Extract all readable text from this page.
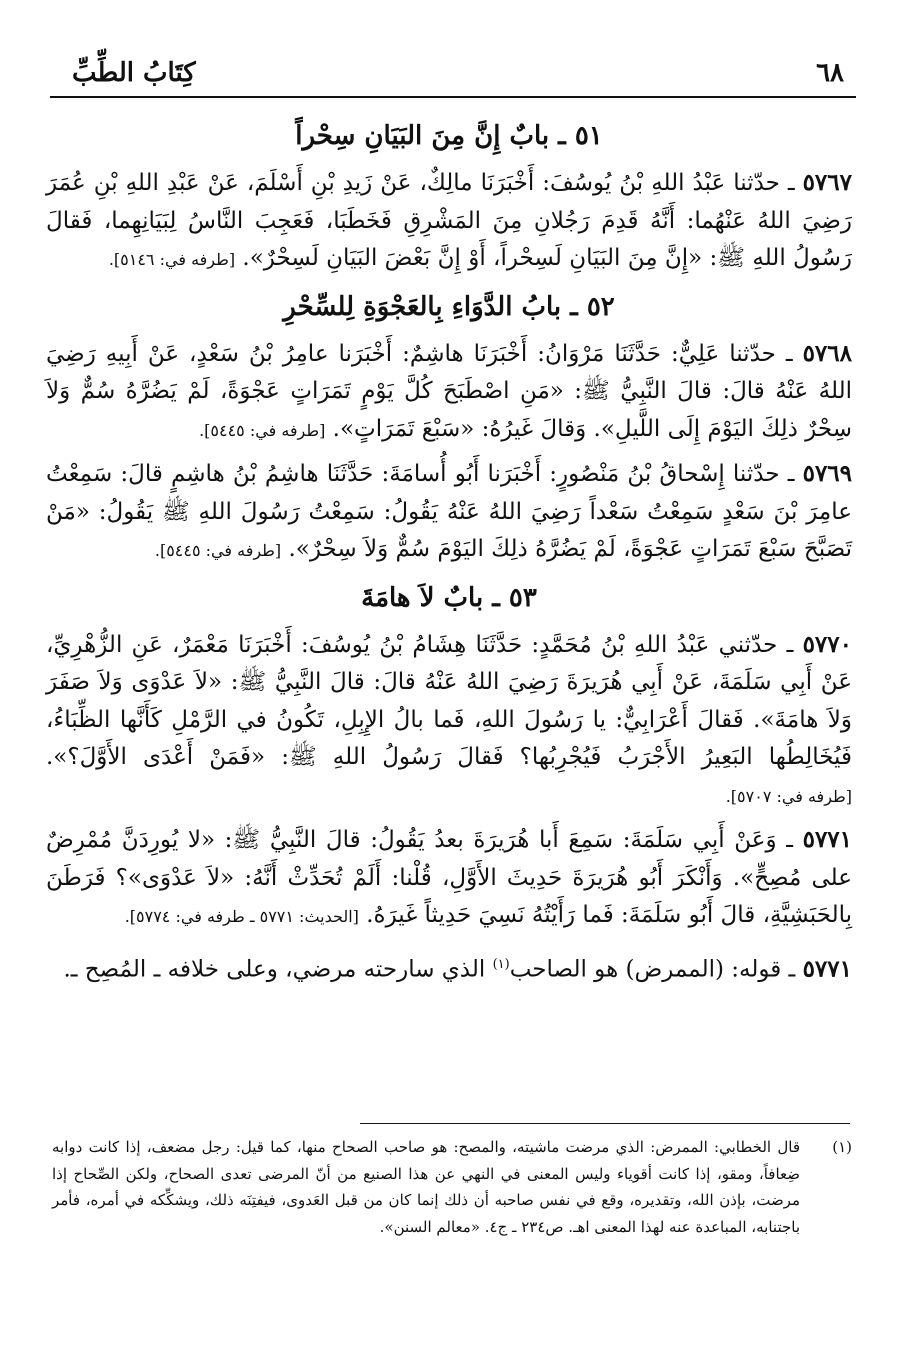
٦٨
كِتَابُ الطِّبِّ
٥١ ـ بابٌ إِنَّ مِنَ البَيَانِ سِحْراً

٥٧٦٧ ـ حدّثنا عَبْدُ اللهِ بْنُ يُوسُفَ: أَخْبَرَنَا مالِكٌ، عَنْ زَيدِ بْنِ أَسْلَمَ، عَنْ عَبْدِ اللهِ بْنِ عُمَرَ رَضِيَ اللهُ عَنْهُما: أَنَّهُ قَدِمَ رَجُلانِ مِنَ المَشْرِقِ فَخَطَبَا، فَعَجِبَ النَّاسُ لِبَيَانِهِما، فَقالَ رَسُولُ اللهِ ﷺ: «إِنَّ مِنَ البَيَانِ لَسِحْراً، أَوْ إِنَّ بَعْضَ البَيَانِ لَسِحْرٌ». [طرفه في: ٥١٤٦].

٥٢ ـ بابُ الدَّوَاءِ بِالعَجْوَةِ لِلسِّحْرِ

٥٧٦٨ ـ حدّثنا عَلِيٌّ: حَدَّثَنَا مَرْوَانُ: أَخْبَرَنَا هاشِمٌ: أَخْبَرَنا عامِرُ بْنُ سَعْدٍ، عَنْ أَبِيهِ رَضِيَ اللهُ عَنْهُ قالَ: قالَ النَّبِيُّ ﷺ: «مَنِ اصْطَبَحَ كُلَّ يَوْمٍ تَمَرَاتٍ عَجْوَةً، لَمْ يَضُرَّهُ سُمٌّ وَلاَ سِحْرٌ ذلِكَ اليَوْمَ إِلَى اللَّيلِ». وَقالَ غَيرُهُ: «سَبْعَ تَمَرَاتٍ». [طرفه في: ٥٤٤٥].

٥٧٦٩ ـ حدّثنا إِسْحاقُ بْنُ مَنْصُورٍ: أَخْبَرَنا أَبُو أُسامَةَ: حَدَّثَنَا هاشِمُ بْنُ هاشِمٍ قالَ: سَمِعْتُ عامِرَ بْنَ سَعْدٍ سَمِعْتُ سَعْداً رَضِيَ اللهُ عَنْهُ يَقُولُ: سَمِعْتُ رَسُولَ اللهِ ﷺ يَقُولُ: «مَنْ تَصَبَّحَ سَبْعَ تَمَرَاتٍ عَجْوَةً، لَمْ يَضُرَّهُ ذلِكَ اليَوْمَ سُمٌّ وَلاَ سِحْرٌ». [طرفه في: ٥٤٤٥].

٥٣ ـ بابٌ لاَ هامَةَ

٥٧٧٠ ـ حدّثني عَبْدُ اللهِ بْنُ مُحَمَّدٍ: حَدَّثَنَا هِشَامُ بْنُ يُوسُفَ: أَخْبَرَنَا مَعْمَرٌ، عَنِ الزُّهْرِيِّ، عَنْ أَبِي سَلَمَةَ، عَنْ أَبِي هُرَيرَةَ رَضِيَ اللهُ عَنْهُ قالَ: قالَ النَّبِيُّ ﷺ: «لاَ عَدْوَى وَلاَ صَفَرَ وَلاَ هامَةَ». فَقالَ أَعْرَابِيٌّ: يا رَسُولَ اللهِ، فَما بالُ الإِبِلِ، تَكُونُ في الرَّمْلِ كَأَنَّها الظِّبَاءُ، فَيُخَالِطُها البَعِيرُ الأَجْرَبُ فَيُجْرِبُها؟ فَقالَ رَسُولُ اللهِ ﷺ: «فَمَنْ أَعْدَى الأَوَّلَ؟». [طرفه في: ٥٧٠٧].

٥٧٧١ ـ وَعَنْ أَبِي سَلَمَةَ: سَمِعَ أَبا هُرَيرَةَ بعدُ يَقُولُ: قالَ النَّبِيُّ ﷺ: «لا يُورِدَنَّ مُمْرِضٌ على مُصِحٍّ». وَأَنْكَرَ أَبُو هُرَيرَةَ حَدِيثَ الأَوَّلِ، قُلْنا: أَلَمْ تُحَدِّثْ أَنَّهُ: «لاَ عَدْوَى»؟ فَرَطَنَ بِالحَبَشِيَّةِ، قالَ أَبُو سَلَمَةَ: فَما رَأَيْتُهُ نَسِيَ حَدِيثاً غَيرَهُ. [الحديث: ٥٧٧١ ـ طرفه في: ٥٧٧٤].

٥٧٧١ ـ قوله: (الممرض) هو الصاحب$^{(١)}$ الذي سارحته مرضي، وعلى خلافه ـ المُصِح ـ.

(١)
قال الخطابي: الممرض: الذي مرضت ماشيته، والمصح: هو صاحب الصحاح منها، كما قيل: رجل مضعف، إذا كانت دوابه ضِعافاً، ومقو، إذا كانت أقوياء وليس المعنى في النهي عن هذا الصنيع من أنّ المرضى تعدى الصحاح، ولكن الصِّحاح إذا مرضت، بإذن الله، وتقديره، وقع في نفس صاحبه أن ذلك إنما كان من قبل العَدوى، فيفتِنَه ذلك، ويشكِّكه في أمره، فأمر باجتنابه، المباعدة عنه لهذا المعنى اهـ. ص٢٣٤ ـ ج٤. «معالم السنن».
